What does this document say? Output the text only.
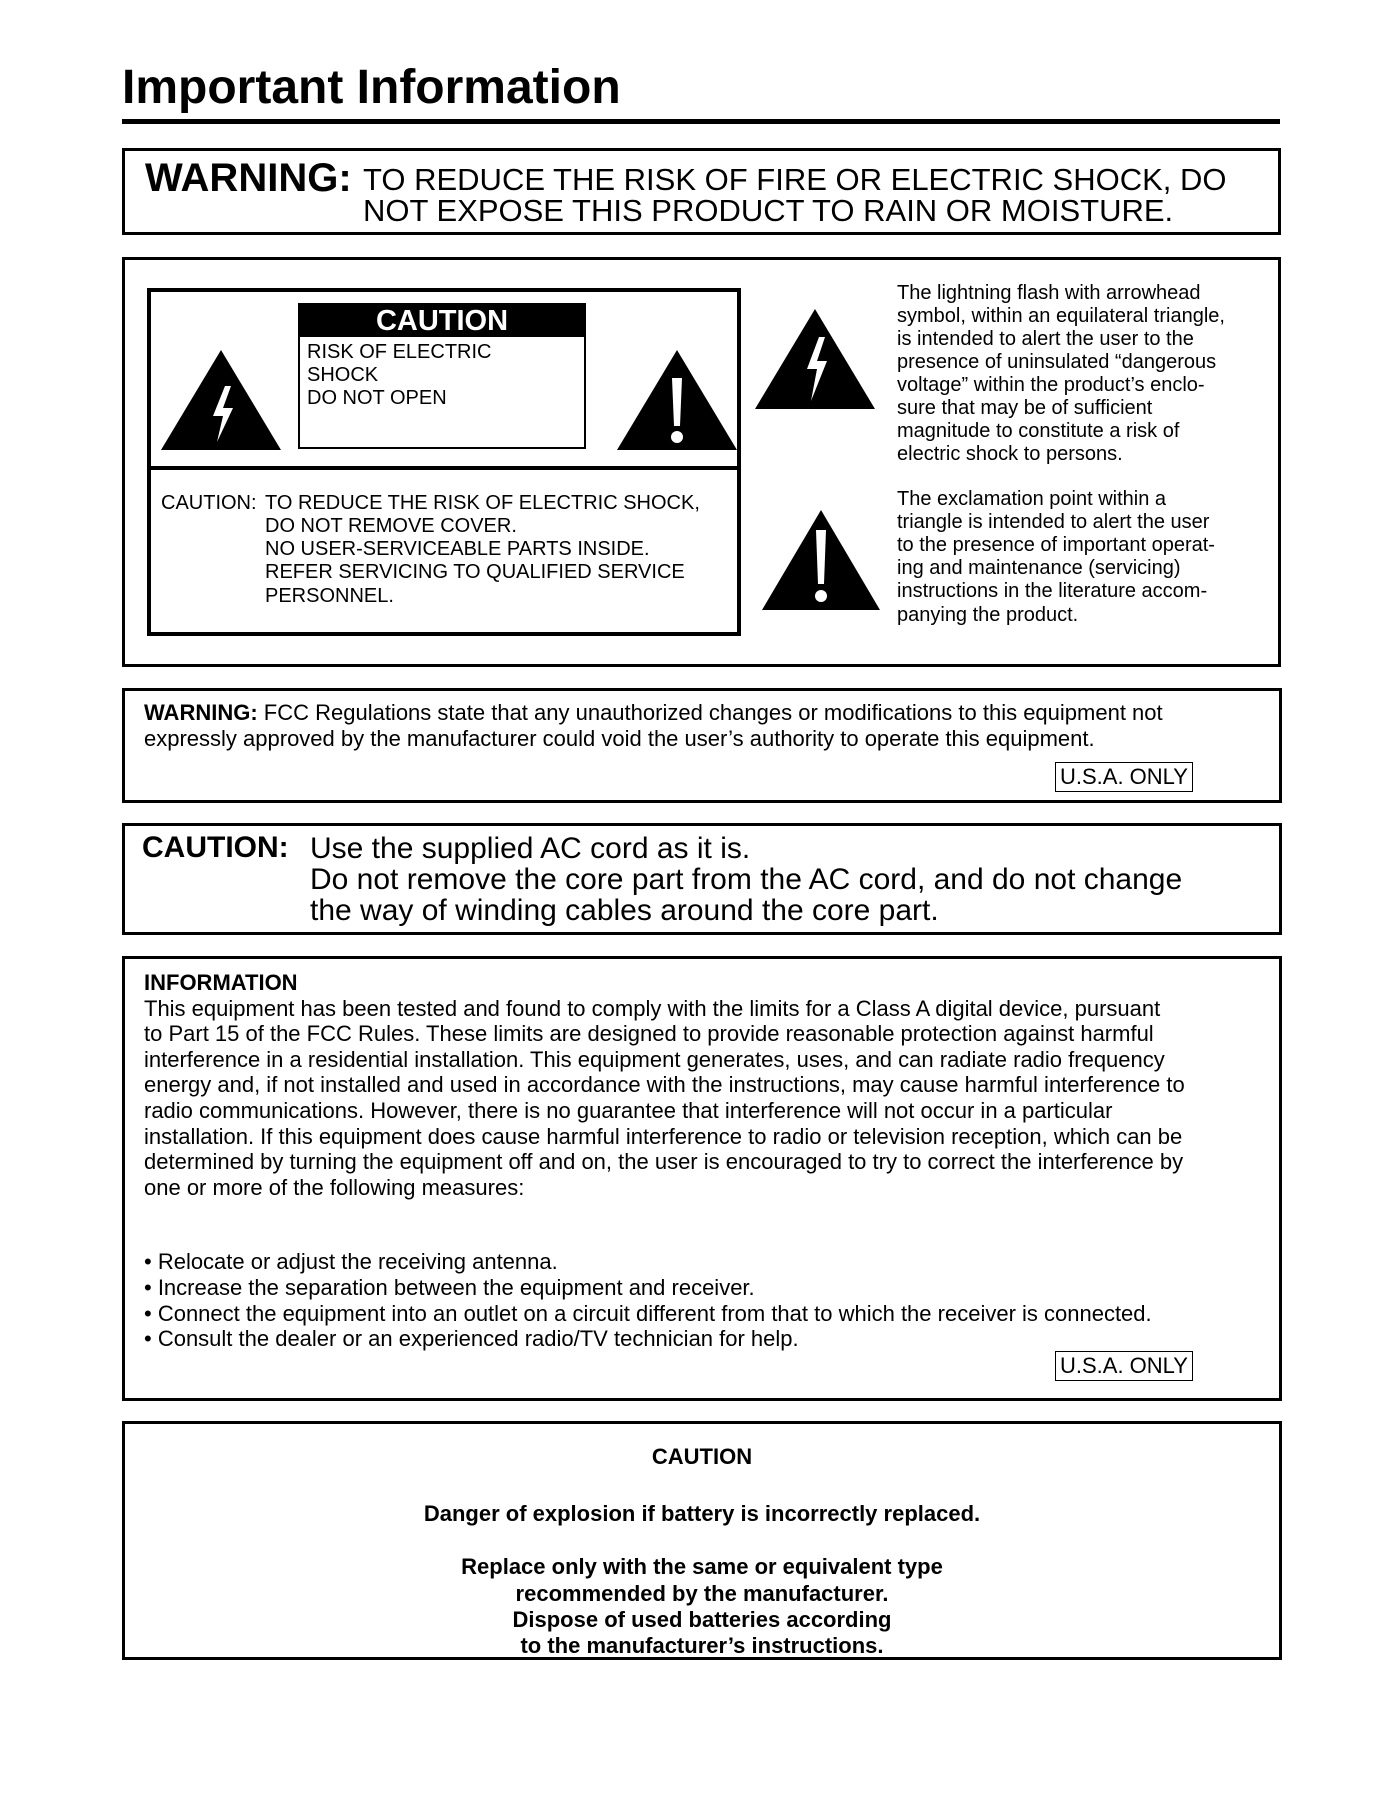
Important Information
WARNING: TO REDUCE THE RISK OF FIRE OR ELECTRIC SHOCK, DO
NOT EXPOSE THIS PRODUCT TO RAIN OR MOISTURE.
CAUTION
RISK OF ELECTRIC
SHOCK
DO NOT OPEN
CAUTION: TO REDUCE THE RISK OF ELECTRIC SHOCK,
DO NOT REMOVE COVER.
NO USER-SERVICEABLE PARTS INSIDE.
REFER SERVICING TO QUALIFIED SERVICE
PERSONNEL.
The lightning flash with arrowhead
symbol, within an equilateral triangle,
is intended to alert the user to the
presence of uninsulated “dangerous
voltage” within the product’s enclo-
sure that may be of sufficient
magnitude to constitute a risk of
electric shock to persons.
The exclamation point within a
triangle is intended to alert the user
to the presence of important operat-
ing and maintenance (servicing)
instructions in the literature accom-
panying the product.
WARNING: FCC Regulations state that any unauthorized changes or modifications to this equipment not
expressly approved by the manufacturer could void the user’s authority to operate this equipment.
U.S.A. ONLY
CAUTION: Use the supplied AC cord as it is.
Do not remove the core part from the AC cord, and do not change
the way of winding cables around the core part.
INFORMATION
This equipment has been tested and found to comply with the limits for a Class A digital device, pursuant
to Part 15 of the FCC Rules. These limits are designed to provide reasonable protection against harmful
interference in a residential installation. This equipment generates, uses, and can radiate radio frequency
energy and, if not installed and used in accordance with the instructions, may cause harmful interference to
radio communications. However, there is no guarantee that interference will not occur in a particular
installation. If this equipment does cause harmful interference to radio or television reception, which can be
determined by turning the equipment off and on, the user is encouraged to try to correct the interference by
one or more of the following measures:
• Relocate or adjust the receiving antenna.
• Increase the separation between the equipment and receiver.
• Connect the equipment into an outlet on a circuit different from that to which the receiver is connected.
• Consult the dealer or an experienced radio/TV technician for help.
U.S.A. ONLY
CAUTION
Danger of explosion if battery is incorrectly replaced.
Replace only with the same or equivalent type
recommended by the manufacturer.
Dispose of used batteries according
to the manufacturer’s instructions.
